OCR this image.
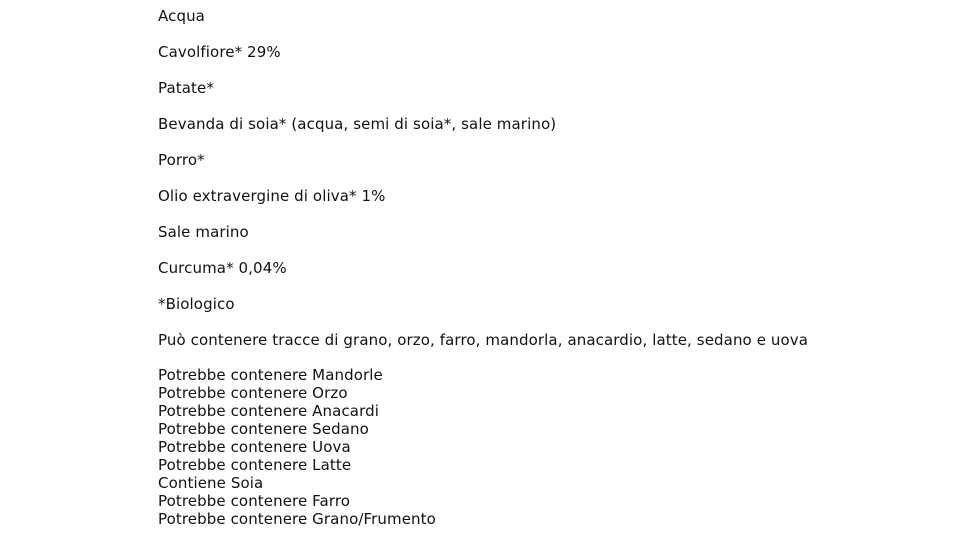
Acqua
Cavolfiore* 29%
Patate*
Bevanda di soia* (acqua, semi di soia*, sale marino)
Porro*
Olio extravergine di oliva* 1%
Sale marino
Curcuma* 0,04%
*Biologico
Può contenere tracce di grano, orzo, farro, mandorla, anacardio, latte, sedano e uova
Potrebbe contenere Mandorle
Potrebbe contenere Orzo
Potrebbe contenere Anacardi
Potrebbe contenere Sedano
Potrebbe contenere Uova
Potrebbe contenere Latte
Contiene Soia
Potrebbe contenere Farro
Potrebbe contenere Grano/Frumento
